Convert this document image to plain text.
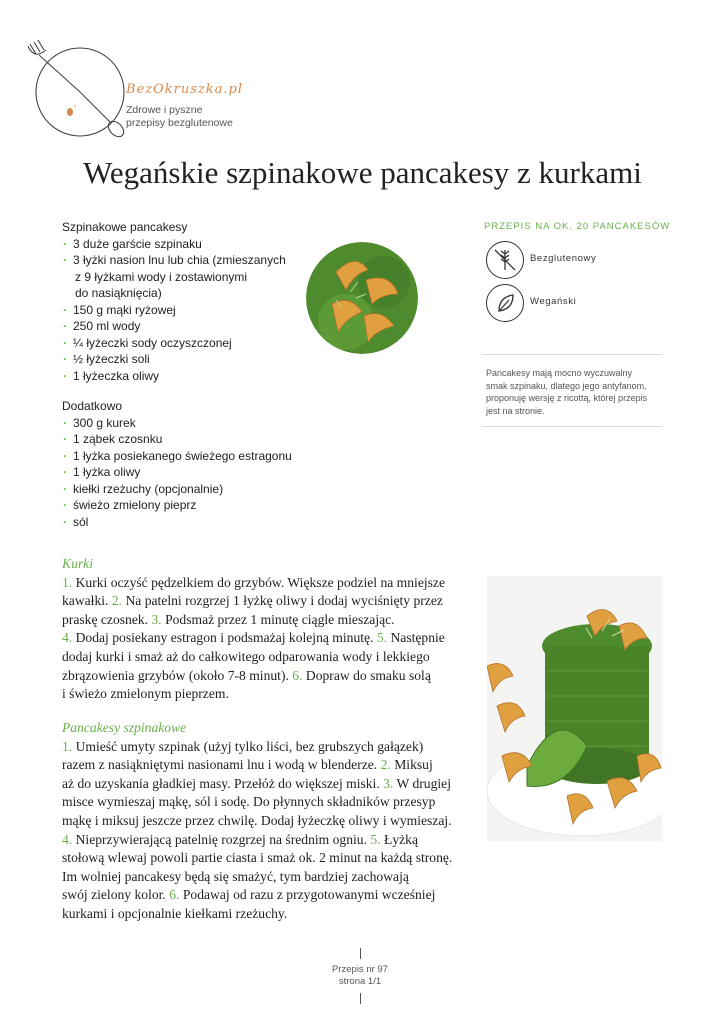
BezOkruszka.pl
Zdrowe i pyszne
przepisy bezglutenowe
Wegańskie szpinakowe pancakesy z kurkami
Szpinakowe pancakesy
· 3 duże garście szpinaku
· 3 łyżki nasion lnu lub chia (zmieszanych
z 9 łyżkami wody i zostawionymi
do nasiąknięcia)
· 150 g mąki ryżowej
· 250 ml wody
· ¼ łyżeczki sody oczyszczonej
· ½ łyżeczki soli
· 1 łyżeczka oliwy
Dodatkowo
· 300 g kurek
· 1 ząbek czosnku
· 1 łyżka posiekanego świeżego estragonu
· 1 łyżka oliwy
· kiełki rzeżuchy (opcjonalnie)
· świeżo zmielony pieprz
· sól
PRZEPIS NA OK. 20 PANCAKESÓW
Bezglutenowy
Wegański
Pancakesy mają mocno wyczuwalny
smak szpinaku, dlatego jego antyfanom,
proponuję wersję z ricottą, której przepis
jest na stronie.
Kurki
1. Kurki oczyść pędzelkiem do grzybów. Większe podziel na mniejsze
kawałki. 2. Na patelni rozgrzej 1 łyżkę oliwy i dodaj wyciśnięty przez
praskę czosnek. 3. Podsmaż przez 1 minutę ciągle mieszając.
4. Dodaj posiekany estragon i podsmażaj kolejną minutę. 5. Następnie
dodaj kurki i smaż aż do całkowitego odparowania wody i lekkiego
zbrązowienia grzybów (około 7-8 minut). 6. Dopraw do smaku solą
i świeżo zmielonym pieprzem.
Pancakesy szpinakowe
1. Umieść umyty szpinak (użyj tylko liści, bez grubszych gałązek)
razem z nasiąkniętymi nasionami lnu i wodą w blenderze. 2. Miksuj
aż do uzyskania gładkiej masy. Przełóż do większej miski. 3. W drugiej
misce wymieszaj mąkę, sól i sodę. Do płynnych składników przesyp
mąkę i miksuj jeszcze przez chwilę. Dodaj łyżeczkę oliwy i wymieszaj.
4. Nieprzywierającą patelnię rozgrzej na średnim ogniu. 5. Łyżką
stołową wlewaj powoli partie ciasta i smaż ok. 2 minut na każdą stronę.
Im wolniej pancakesy będą się smażyć, tym bardziej zachowają
swój zielony kolor. 6. Podawaj od razu z przygotowanymi wcześniej
kurkami i opcjonalnie kiełkami rzeżuchy.
Przepis nr 97
strona 1/1
